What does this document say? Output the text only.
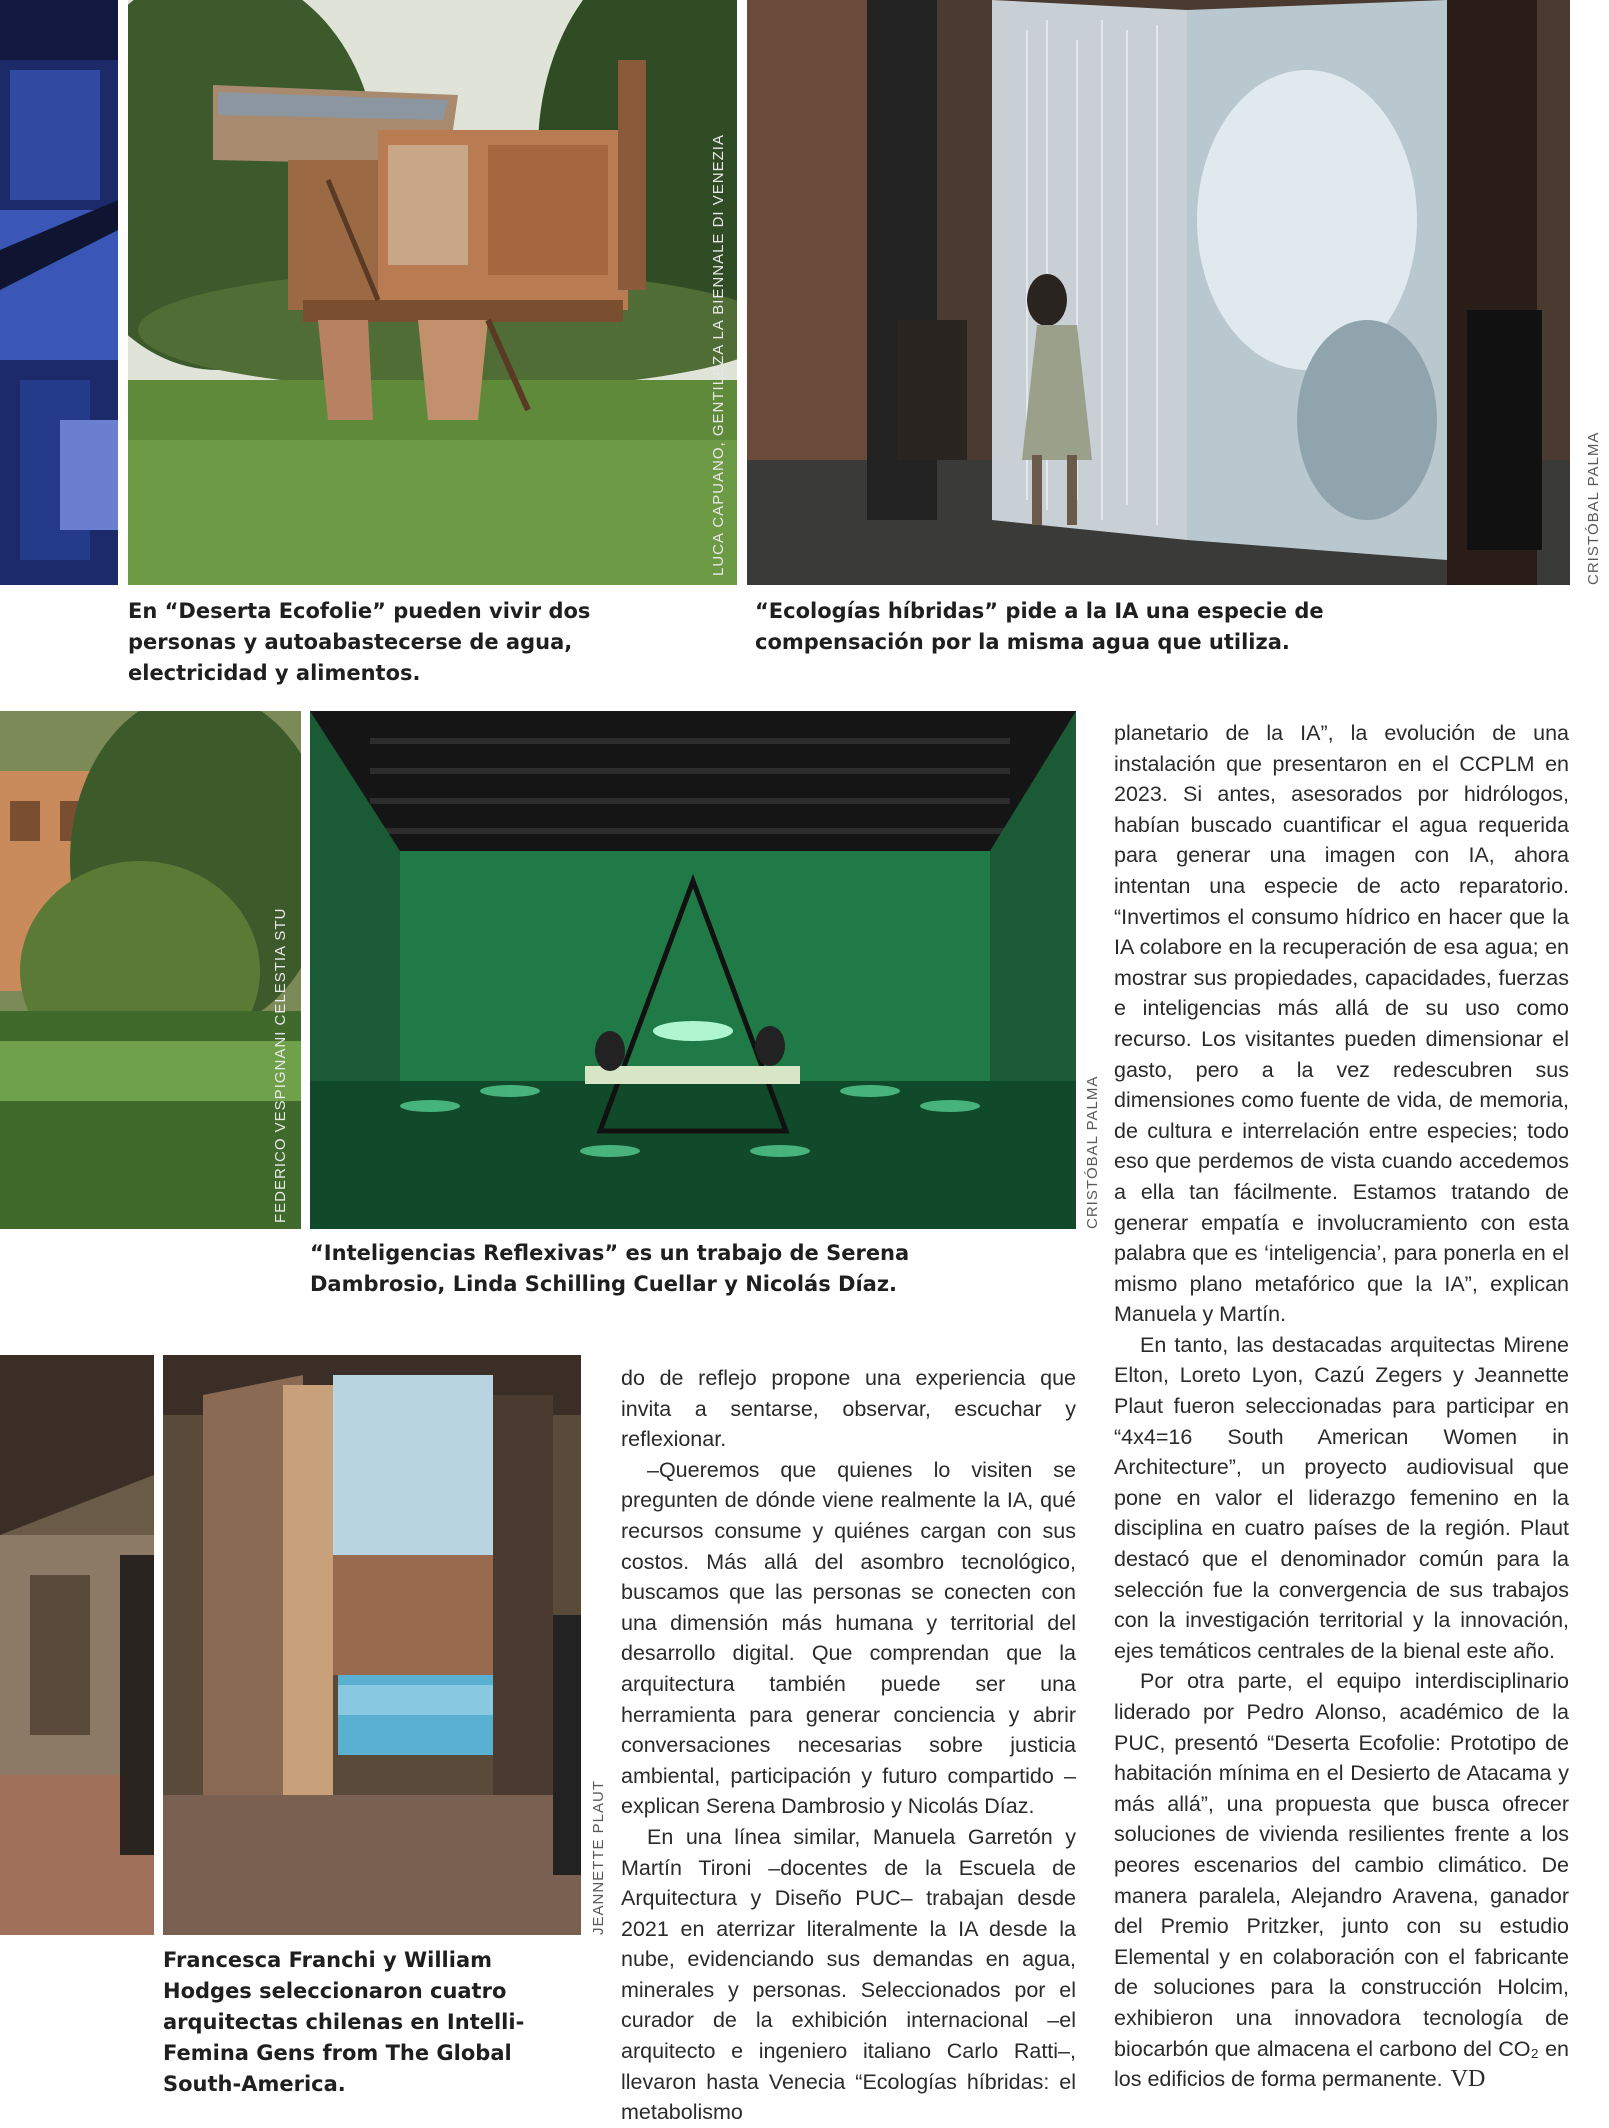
LUCA CAPUANO, GENTILEZA LA BIENNALE DI VENEZIA	CRISTÓBAL PALMA

En “Deserta Ecofolie” pueden vivir dos personas y autoabastecerse de agua, electricidad y alimentos.

“Ecologías híbridas” pide a la IA una especie de compensación por la misma agua que utiliza.

FEDERICO VESPIGNANI CELESTIA STU	CRISTÓBAL PALMA

“Inteligencias Reflexivas” es un trabajo de Serena Dambrosio, Linda Schilling Cuellar y Nicolás Díaz.

JEANNETTE PLAUT

Francesca Franchi y William Hodges seleccionaron cuatro arquitectas chilenas en Intelli-Femina Gens from The Global South-America.

do de reflejo propone una experiencia que invita a sentarse, observar, escuchar y reflexionar.

–Queremos que quienes lo visiten se pregunten de dónde viene realmente la IA, qué recursos consume y quiénes cargan con sus costos. Más allá del asombro tecnológico, buscamos que las personas se conecten con una dimensión más humana y territorial del desarrollo digital. Que comprendan que la arquitectura también puede ser una herramienta para generar conciencia y abrir conversaciones necesarias sobre justicia ambiental, participación y futuro compartido –explican Serena Dambrosio y Nicolás Díaz.

En una línea similar, Manuela Garretón y Martín Tironi –docentes de la Escuela de Arquitectura y Diseño PUC– trabajan desde 2021 en aterrizar literalmente la IA desde la nube, evidenciando sus demandas en agua, minerales y personas. Seleccionados por el curador de la exhibición internacional –el arquitecto e ingeniero italiano Carlo Ratti–, llevaron hasta Venecia “Ecologías híbridas: el metabolismo

planetario de la IA”, la evolución de una instalación que presentaron en el CCPLM en 2023. Si antes, asesorados por hidrólogos, habían buscado cuantificar el agua requerida para generar una imagen con IA, ahora intentan una especie de acto reparatorio. “Invertimos el consumo hídrico en hacer que la IA colabore en la recuperación de esa agua; en mostrar sus propiedades, capacidades, fuerzas e inteligencias más allá de su uso como recurso. Los visitantes pueden dimensionar el gasto, pero a la vez redescubren sus dimensiones como fuente de vida, de memoria, de cultura e interrelación entre especies; todo eso que perdemos de vista cuando accedemos a ella tan fácilmente. Estamos tratando de generar empatía e involucramiento con esta palabra que es ‘inteligencia’, para ponerla en el mismo plano metafórico que la IA”, explican Manuela y Martín.

En tanto, las destacadas arquitectas Mirene Elton, Loreto Lyon, Cazú Zegers y Jeannette Plaut fueron seleccionadas para participar en “4x4=16 South American Women in Architecture”, un proyecto audiovisual que pone en valor el liderazgo femenino en la disciplina en cuatro países de la región. Plaut destacó que el denominador común para la selección fue la convergencia de sus trabajos con la investigación territorial y la innovación, ejes temáticos centrales de la bienal este año.

Por otra parte, el equipo interdisciplinario liderado por Pedro Alonso, académico de la PUC, presentó “Deserta Ecofolie: Prototipo de habitación mínima en el Desierto de Atacama y más allá”, una propuesta que busca ofrecer soluciones de vivienda resilientes frente a los peores escenarios del cambio climático. De manera paralela, Alejandro Aravena, ganador del Premio Pritzker, junto con su estudio Elemental y en colaboración con el fabricante de soluciones para la construcción Holcim, exhibieron una innovadora tecnología de biocarbón que almacena el carbono del CO₂ en los edificios de forma permanente. VD
